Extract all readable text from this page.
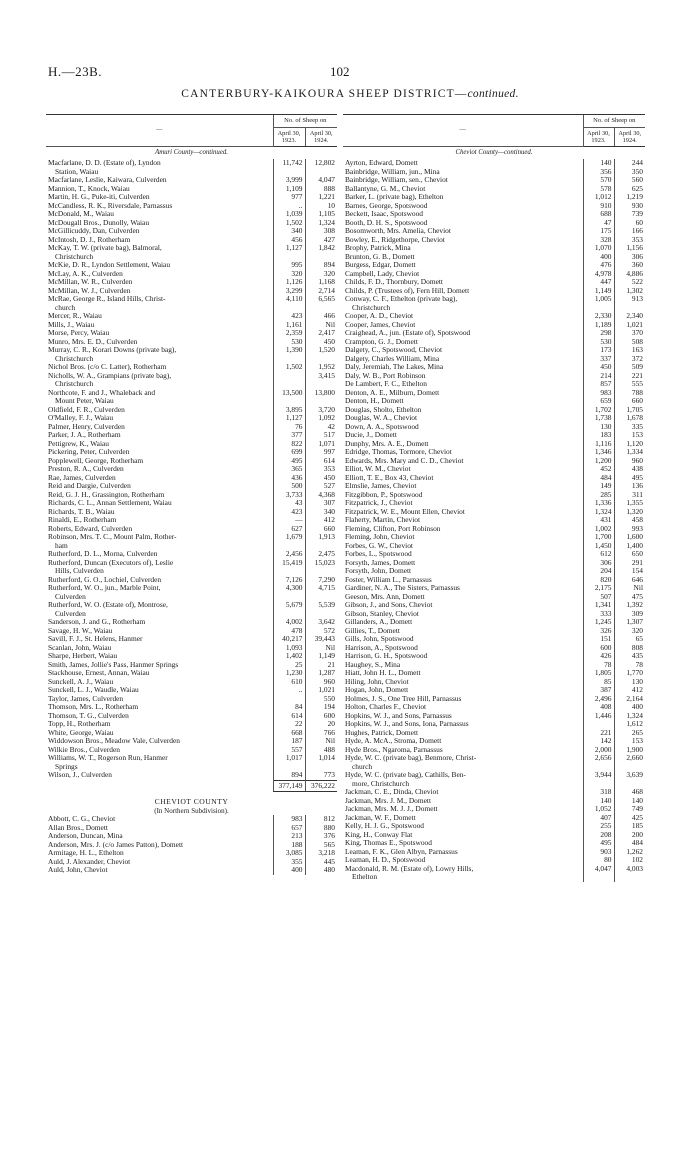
H.—23B.	102
CANTERBURY-KAIKOURA SHEEP DISTRICT—continued.
—	No. of Sheep on	
	April 30, 1923.	April 30, 1924.
Amuri County—continued.		
Macfarlane, D. D. (Estate of), Lyndon	11,742	12,802
Station, Waiau		
Macfarlane, Leslie, Kaiwara, Culverden	3,999	4,047
Mannion, T., Knock, Waiau	1,109	888
Martin, H. G., Puke-iti, Culverden	977	1,221
McCandless, R. K., Riversdale, Parnassus	..	10
McDonald, M., Waiau	1,039	1,105
McDougall Bros., Dunolly, Waiau	1,502	1,324
McGillicuddy, Dan, Culverden	340	308
McIntosh, D. J., Rotherham	456	427
McKay, T. W. (private bag), Balmoral,	1,127	1,842
Christchurch		
McKie, D. R., Lyndon Settlement, Waiau	995	894
McLay, A. K., Culverden	320	320
McMillan, W. R., Culverden	1,126	1,168
McMillan, W. J., Culverden	3,299	2,714
McRae, George R., Island Hills, Christ-	4,110	6,565
church		
Mercer, R., Waiau	423	466
Mills, J., Waiau	1,161	Nil
Morse, Percy, Waiau	2,359	2,417
Munro, Mrs. E. D., Culverden	530	450
Murray, C. R., Korari Downs (private bag),	1,390	1,520
Christchurch		
Nichol Bros. (c/o C. Latter), Rotherham	1,502	1,952
Nicholls, W. A., Grampians (private bag),		3,415
Christchurch		
Northcote, F. and J., Whaleback and	13,500	13,800
Mount Peter, Waiau		
Oldfield, F. R., Culverden	3,895	3,720
O'Malley, F. J., Waiau	1,127	1,092
Palmer, Henry, Culverden	76	42
Parker, J. A., Rotherham	377	517
Pettigrew, K., Waiau	822	1,071
Pickering, Peter, Culverden	699	997
Popplewell, George, Rotherham	495	614
Preston, R. A., Culverden	365	353
Rae, James, Culverden	436	450
Reid and Dargie, Culverden	500	527
Reid, G. J. H., Grassington, Rotherham	3,733	4,368
Richards, C. L., Annan Settlement, Waiau	43	307
Richards, T. B., Waiau	423	340
Rinaldi, E., Rotherham	—	412
Roberts, Edward, Culverden	627	660
Robinson, Mrs. T. C., Mount Palm, Rother-	1,679	1,913
ham		
Rutherford, D. L., Morna, Culverden	2,456	2,475
Rutherford, Duncan (Executors of), Leslie	15,419	15,023
Hills, Culverden		
Rutherford, G. O., Lochiel, Culverden	7,126	7,290
Rutherford, W. O., jun., Marble Point,	4,300	4,715
Culverden		
Rutherford, W. O. (Estate of), Montrose,	5,679	5,539
Culverden		
Sanderson, J. and G., Rotherham	4,002	3,642
Savage, H. W., Waiau	478	572
Savill, F. J., St. Helens, Hanmer	40,217	39,443
Scanlan, John, Waiau	1,093	Nil
Sharpe, Herbert, Waiau	1,402	1,149
Smith, James, Jollie's Pass, Hanmer Springs	25	21
Stackhouse, Ernest, Annan, Waiau	1,230	1,287
Sunckell, A. J., Waiau	610	960
Sunckell, L. J., Waudle, Waiau	..	1,021
Taylor, James, Culverden		550
Thomson, Mrs. L., Rotherham	84	194
Thomson, T. G., Culverden	614	600
Topp, H., Rotherham	22	20
White, George, Waiau	668	766
Widdowson Bros., Meadow Vale, Culverden	187	Nil
Wilkie Bros., Culverden	557	488
Williams, W. T., Rogerson Run, Hanmer	1,017	1,014
Springs		
Wilson, J., Culverden	894	773
	377,149	376,222
CHEVIOT COUNTY		
(In Northern Subdivision).		
Abbott, C. G., Cheviot	983	812
Allan Bros., Domett	657	880
Anderson, Duncan, Mina	213	376
Anderson, Mrs. J. (c/o James Patton), Domett	188	565
Armitage, H. L., Ethelton	3,085	3,218
Auld, J. Alexander, Cheviot	355	445
Auld, John, Cheviot	400	480
—	No. of Sheep on	
	April 30, 1923.	April 30, 1924.
Cheviot County—continued.		
Ayrton, Edward, Domett	140	244
Bainbridge, William, jun., Mina	356	350
Bainbridge, William, sen., Cheviot	570	560
Ballantyne, G. M., Cheviot	578	625
Barker, L. (private bag), Ethelton	1,012	1,219
Barnes, George, Spotswood	910	930
Beckett, Isaac, Spotswood	688	739
Booth, D. H. S., Spotswood	47	60
Bosomworth, Mrs. Amelia, Cheviot	175	166
Bowley, E., Ridgethorpe, Cheviot	328	353
Brophy, Patrick, Mina	1,070	1,156
Brunton, G. B., Domett	400	306
Burgess, Edgar, Domett	476	360
Campbell, Lady, Cheviot	4,978	4,886
Childs, F. D., Thornbury, Domett	447	522
Childs, P. (Trustees of), Fern Hill, Domett	1,149	1,302
Conway, C. F., Ethelton (private bag),	1,005	913
Christchurch		
Cooper, A. D., Cheviot	2,330	2,340
Cooper, James, Cheviot	1,189	1,021
Craighead, A., jun. (Estate of), Spotswood	298	370
Crampton, G. J., Domett	530	508
Dalgety, C., Spotswood, Cheviot	173	163
Dalgety, Charles William, Mina	337	372
Daly, Jeremiah, The Lakes, Mina	450	509
Daly, W. B., Port Robinson	214	221
De Lambert, F. C., Ethelton	857	555
Denton, A. E., Milburn, Domett	983	788
Denton, H., Domett	659	660
Douglas, Sholto, Ethelton	1,702	1,705
Douglas, W. A., Cheviot	1,738	1,678
Down, A. A., Spotswood	130	335
Ducie, J., Domett	183	153
Dunphy, Mrs. A. E., Domett	1,116	1,120
Edridge, Thomas, Tormore, Cheviot	1,346	1,334
Edwards, Mrs. Mary and C. D., Cheviot	1,200	960
Elliot, W. M., Cheviot	452	438
Elliott, T. E., Box 43, Cheviot	484	495
Elmslie, James, Cheviot	149	136
Fitzgibbon, P., Spotswood	285	311
Fitzpatrick, J., Cheviot	1,336	1,355
Fitzpatrick, W. E., Mount Ellen, Cheviot	1,324	1,320
Flaherty, Martin, Cheviot	431	458
Fleming, Clifton, Port Robinson	1,002	993
Fleming, John, Cheviot	1,700	1,600
Forbes, G. W., Cheviot	1,450	1,400
Forbes, L., Spotswood	612	650
Forsyth, James, Domett	306	291
Forsyth, John, Domett	204	154
Foster, William L., Parnassus	820	646
Gardiner, N. A., The Sisters, Parnassus	2,175	Nil
Geeson, Mrs. Ann, Domett	507	475
Gibson, J., and Sons, Cheviot	1,341	1,392
Gibson, Stanley, Cheviot	333	309
Gillanders, A., Domett	1,245	1,307
Gillies, T., Domett	326	320
Gills, John, Spotswood	151	65
Harrison, A., Spotswood	600	808
Harrison, G. H., Spotswood	426	435
Haughey, S., Mina	78	78
Hiatt, John H. L., Domett	1,805	1,770
Hiling, John, Cheviot	85	130
Hogan, John, Domett	387	412
Holmes, J. S., One Tree Hill, Parnassus	2,496	2,164
Holton, Charles F., Cheviot	408	400
Hopkins, W. J., and Sons, Parnassus	1,446	1,324
Hopkins, W. J., and Sons, Iona, Parnassus		1,612
Hughes, Patrick, Domett	221	265
Hyde, A. McA., Stroma, Domett	142	153
Hyde Bros., Ngaroma, Parnassus	2,000	1,900
Hyde, W. C. (private bag), Benmore, Christ-	2,656	2,660
church		
Hyde, W. C. (private bag), Cathills, Ben-	3,944	3,639
more, Christchurch		
Jackman, C. E., Dinda, Cheviot	318	468
Jackman, Mrs. J. M., Domett	140	140
Jackman, Mrs. M. J. J., Domett	1,052	749
Jackman, W. F., Domett	407	425
Kelly, H. J. G., Spotswood	255	185
King, H., Conway Flat	208	200
King, Thomas E., Spotswood	495	484
Leaman, F. K., Glen Albyn, Parnassus	903	1,262
Leaman, H. D., Spotswood	80	102
Macdonald, R. M. (Estate of), Lowry Hills,	4,047	4,003
Ethelton		
